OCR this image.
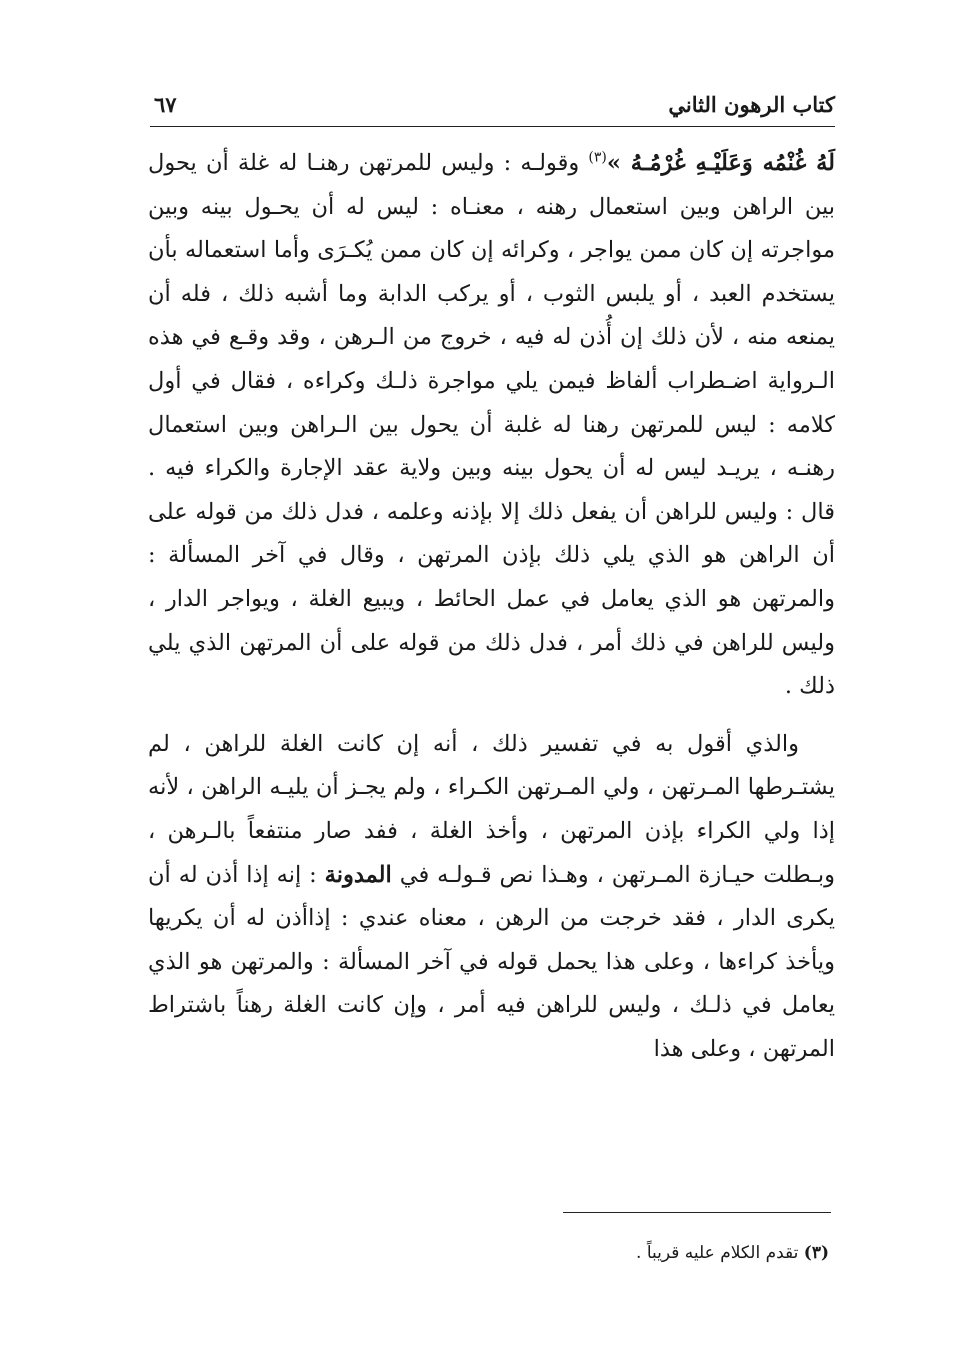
كتاب الرهون الثاني
٦٧

لَهُ غُنْمُه وَعَلَيْـهِ غُرْمُـهُ »$^{(٣)}$ وقولـه : وليس للمرتهن رهنـا له غلة أن يحول بين الراهن وبين استعمال رهنه ، معنـاه : ليس له أن يحـول بينه وبين مواجرته إن كان ممن يواجر ، وكرائه إن كان ممن يُكـرَى وأما استعماله بأن يستخدم العبد ، أو يلبس الثوب ، أو يركب الدابة وما أشبه ذلك ، فله أن يمنعه منه ، لأن ذلك إن أُذن له فيه ، خروج من الـرهن ، وقد وقـع في هذه الـرواية اضـطراب ألفاظ فيمن يلي مواجرة ذلـك وكراءه ، فقال في أول كلامه : ليس للمرتهن رهنا له غلبة أن يحول بين الـراهن وبين استعمال رهنـه ، يريـد ليس له أن يحول بينه وبين ولاية عقد الإجارة والكراء فيه . قال : وليس للراهن أن يفعل ذلك إلا بإذنه وعلمه ، فدل ذلك من قوله على أن الراهن هو الذي يلي ذلك بإذن المرتهن ، وقال في آخر المسألة : والمرتهن هو الذي يعامل في عمل الحائط ، ويبيع الغلة ، ويواجر الدار ، وليس للراهن في ذلك أمر ، فدل ذلك من قوله على أن المرتهن الذي يلي ذلك .

والذي أقول به في تفسير ذلك ، أنه إن كانت الغلة للراهن ، لم يشتـرطها المـرتهن ، ولي المـرتهن الكـراء ، ولم يجـز أن يليـه الراهن ، لأنه إذا ولي الكراء بإذن المرتهن ، وأخذ الغلة ، ففد صار منتفعاً بالـرهن ، وبـطلت حيـازة المـرتهن ، وهـذا نص قـولـه في المدونة : إنه إذا أذن له أن يكرى الدار ، فقد خرجت من الرهن ، معناه عندي : إذاأذن له أن يكريها ويأخذ كراءها ، وعلى هذا يحمل قوله في آخر المسألة : والمرتهن هو الذي يعامل في ذلـك ، وليس للراهن فيه أمر ، وإن كانت الغلة رهناً باشتراط المرتهن ، وعلى هذا

(٣) تقدم الكلام عليه قريباً .
